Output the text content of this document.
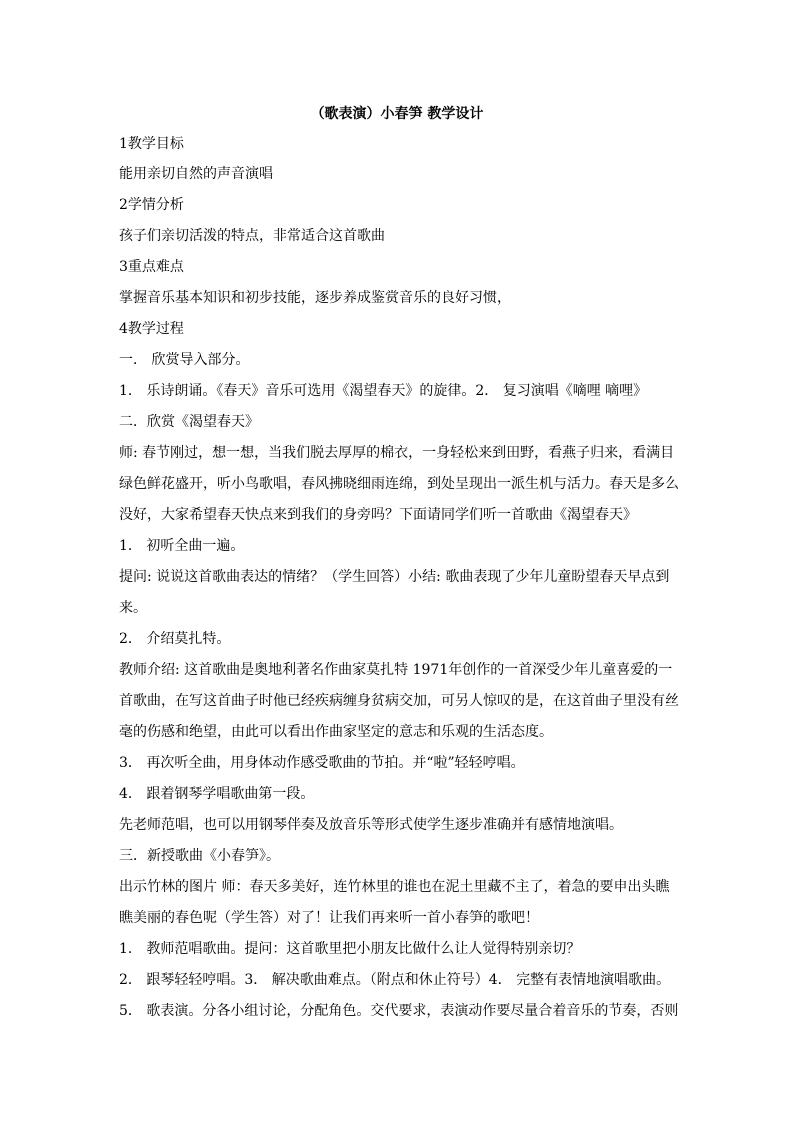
（歌表演）小春笋 教学设计
1教学目标
能用亲切自然的声音演唱
2学情分析
孩子们亲切活泼的特点，非常适合这首歌曲
3重点难点
掌握音乐基本知识和初步技能，逐步养成鉴赏音乐的良好习惯，
4教学过程
一． 欣赏导入部分。
1． 乐诗朗诵。《春天》音乐可选用《渴望春天》的旋律。2． 复习演唱《嘀哩 嘀哩》
二．欣赏《渴望春天》
师: 春节刚过，想一想，当我们脱去厚厚的棉衣，一身轻松来到田野，看燕子归来，看满目
绿色鲜花盛开，听小鸟歌唱，春风拂晓细雨连绵，到处呈现出一派生机与活力。春天是多么
没好，大家希望春天快点来到我们的身旁吗？下面请同学们听一首歌曲《渴望春天》
1． 初听全曲一遍。
提问: 说说这首歌曲表达的情绪？（学生回答）小结: 歌曲表现了少年儿童盼望春天早点到
来。
2． 介绍莫扎特。
教师介绍: 这首歌曲是奥地利著名作曲家莫扎特 1971年创作的一首深受少年儿童喜爱的一
首歌曲，在写这首曲子时他已经疾病缠身贫病交加，可另人惊叹的是，在这首曲子里没有丝
毫的伤感和绝望，由此可以看出作曲家坚定的意志和乐观的生活态度。
3． 再次听全曲，用身体动作感受歌曲的节拍。并“啦”轻轻哼唱。
4． 跟着钢琴学唱歌曲第一段。
先老师范唱，也可以用钢琴伴奏及放音乐等形式使学生逐步准确并有感情地演唱。
三．新授歌曲《小春笋》。
出示竹林的图片 师：春天多美好，连竹林里的谁也在泥土里藏不主了，着急的要申出头瞧
瞧美丽的春色呢（学生答）对了！让我们再来听一首小春笋的歌吧！
1． 教师范唱歌曲。提问：这首歌里把小朋友比做什么让人觉得特别亲切？
2． 跟琴轻轻哼唱。3． 解决歌曲难点。（附点和休止符号）4． 完整有表情地演唱歌曲。
5． 歌表演。分各小组讨论，分配角色。交代要求，表演动作要尽量合着音乐的节奏，否则
